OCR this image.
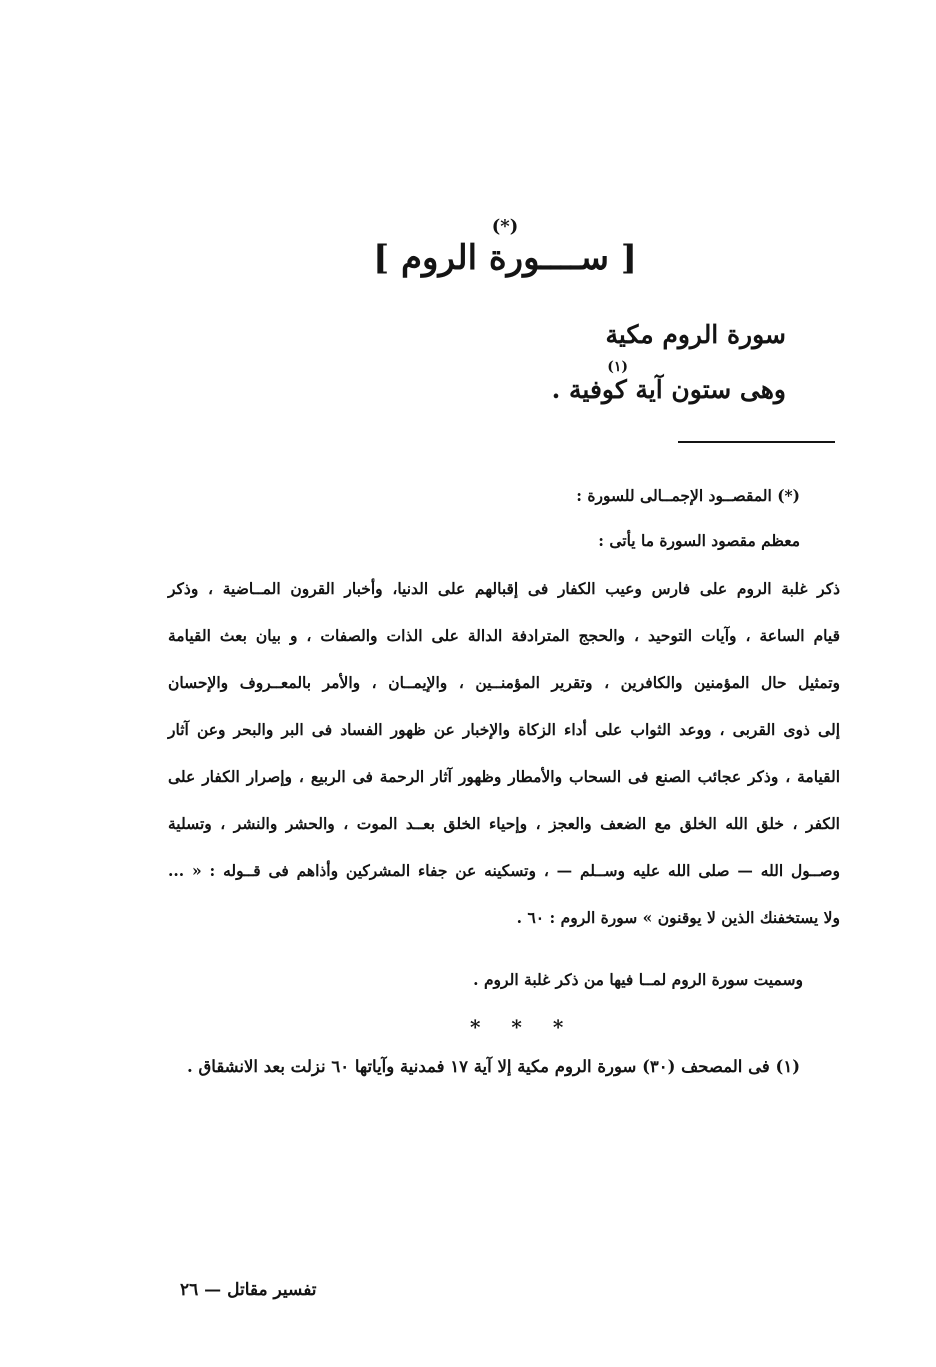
(*)
[ ســــورة الروم ]
سورة الروم مكية
وهى ستون آية كوفية .
(١)
(*) المقصــود الإجمــالى للسورة :
معظم مقصود السورة ما يأتى :
ذكر غلبة الروم على فارس وعيب الكفار فى إقبالهم على الدنيا، وأخبار القرون المــاضية ، وذكر
قيام الساعة ، وآيات التوحيد ، والحجج المترادفة الدالة على الذات والصفات ، و بيان بعث القيامة
وتمثيل حال المؤمنين والكافرين ، وتقرير المؤمنــين ، والإيمــان ، والأمر بالمعــروف والإحسان
إلى ذوى القربى ، ووعد الثواب على أداء الزكاة والإخبار عن ظهور الفساد فى البر والبحر وعن آثار
القيامة ، وذكر عجائب الصنع فى السحاب والأمطار وظهور آثار الرحمة فى الربيع ، وإصرار الكفار على
الكفر ، خلق الله الخلق مع الضعف والعجز ، وإحياء الخلق بعــد الموت ، والحشر والنشر ، وتسلية
وصــول الله — صلى الله عليه وســلم — ، وتسكينه عن جفاء المشركين وأذاهم فى قــوله : « ...
ولا يستخفنك الذين لا يوقنون » سورة الروم : ٦٠ .
وسميت سورة الروم لمــا فيها من ذكر غلبة الروم .
* * *
(١) فى المصحف (٣٠) سورة الروم مكية إلا آية ١٧ فمدنية وآياتها ٦٠ نزلت بعد الانشقاق .
تفسير مقاتل — ٢٦
